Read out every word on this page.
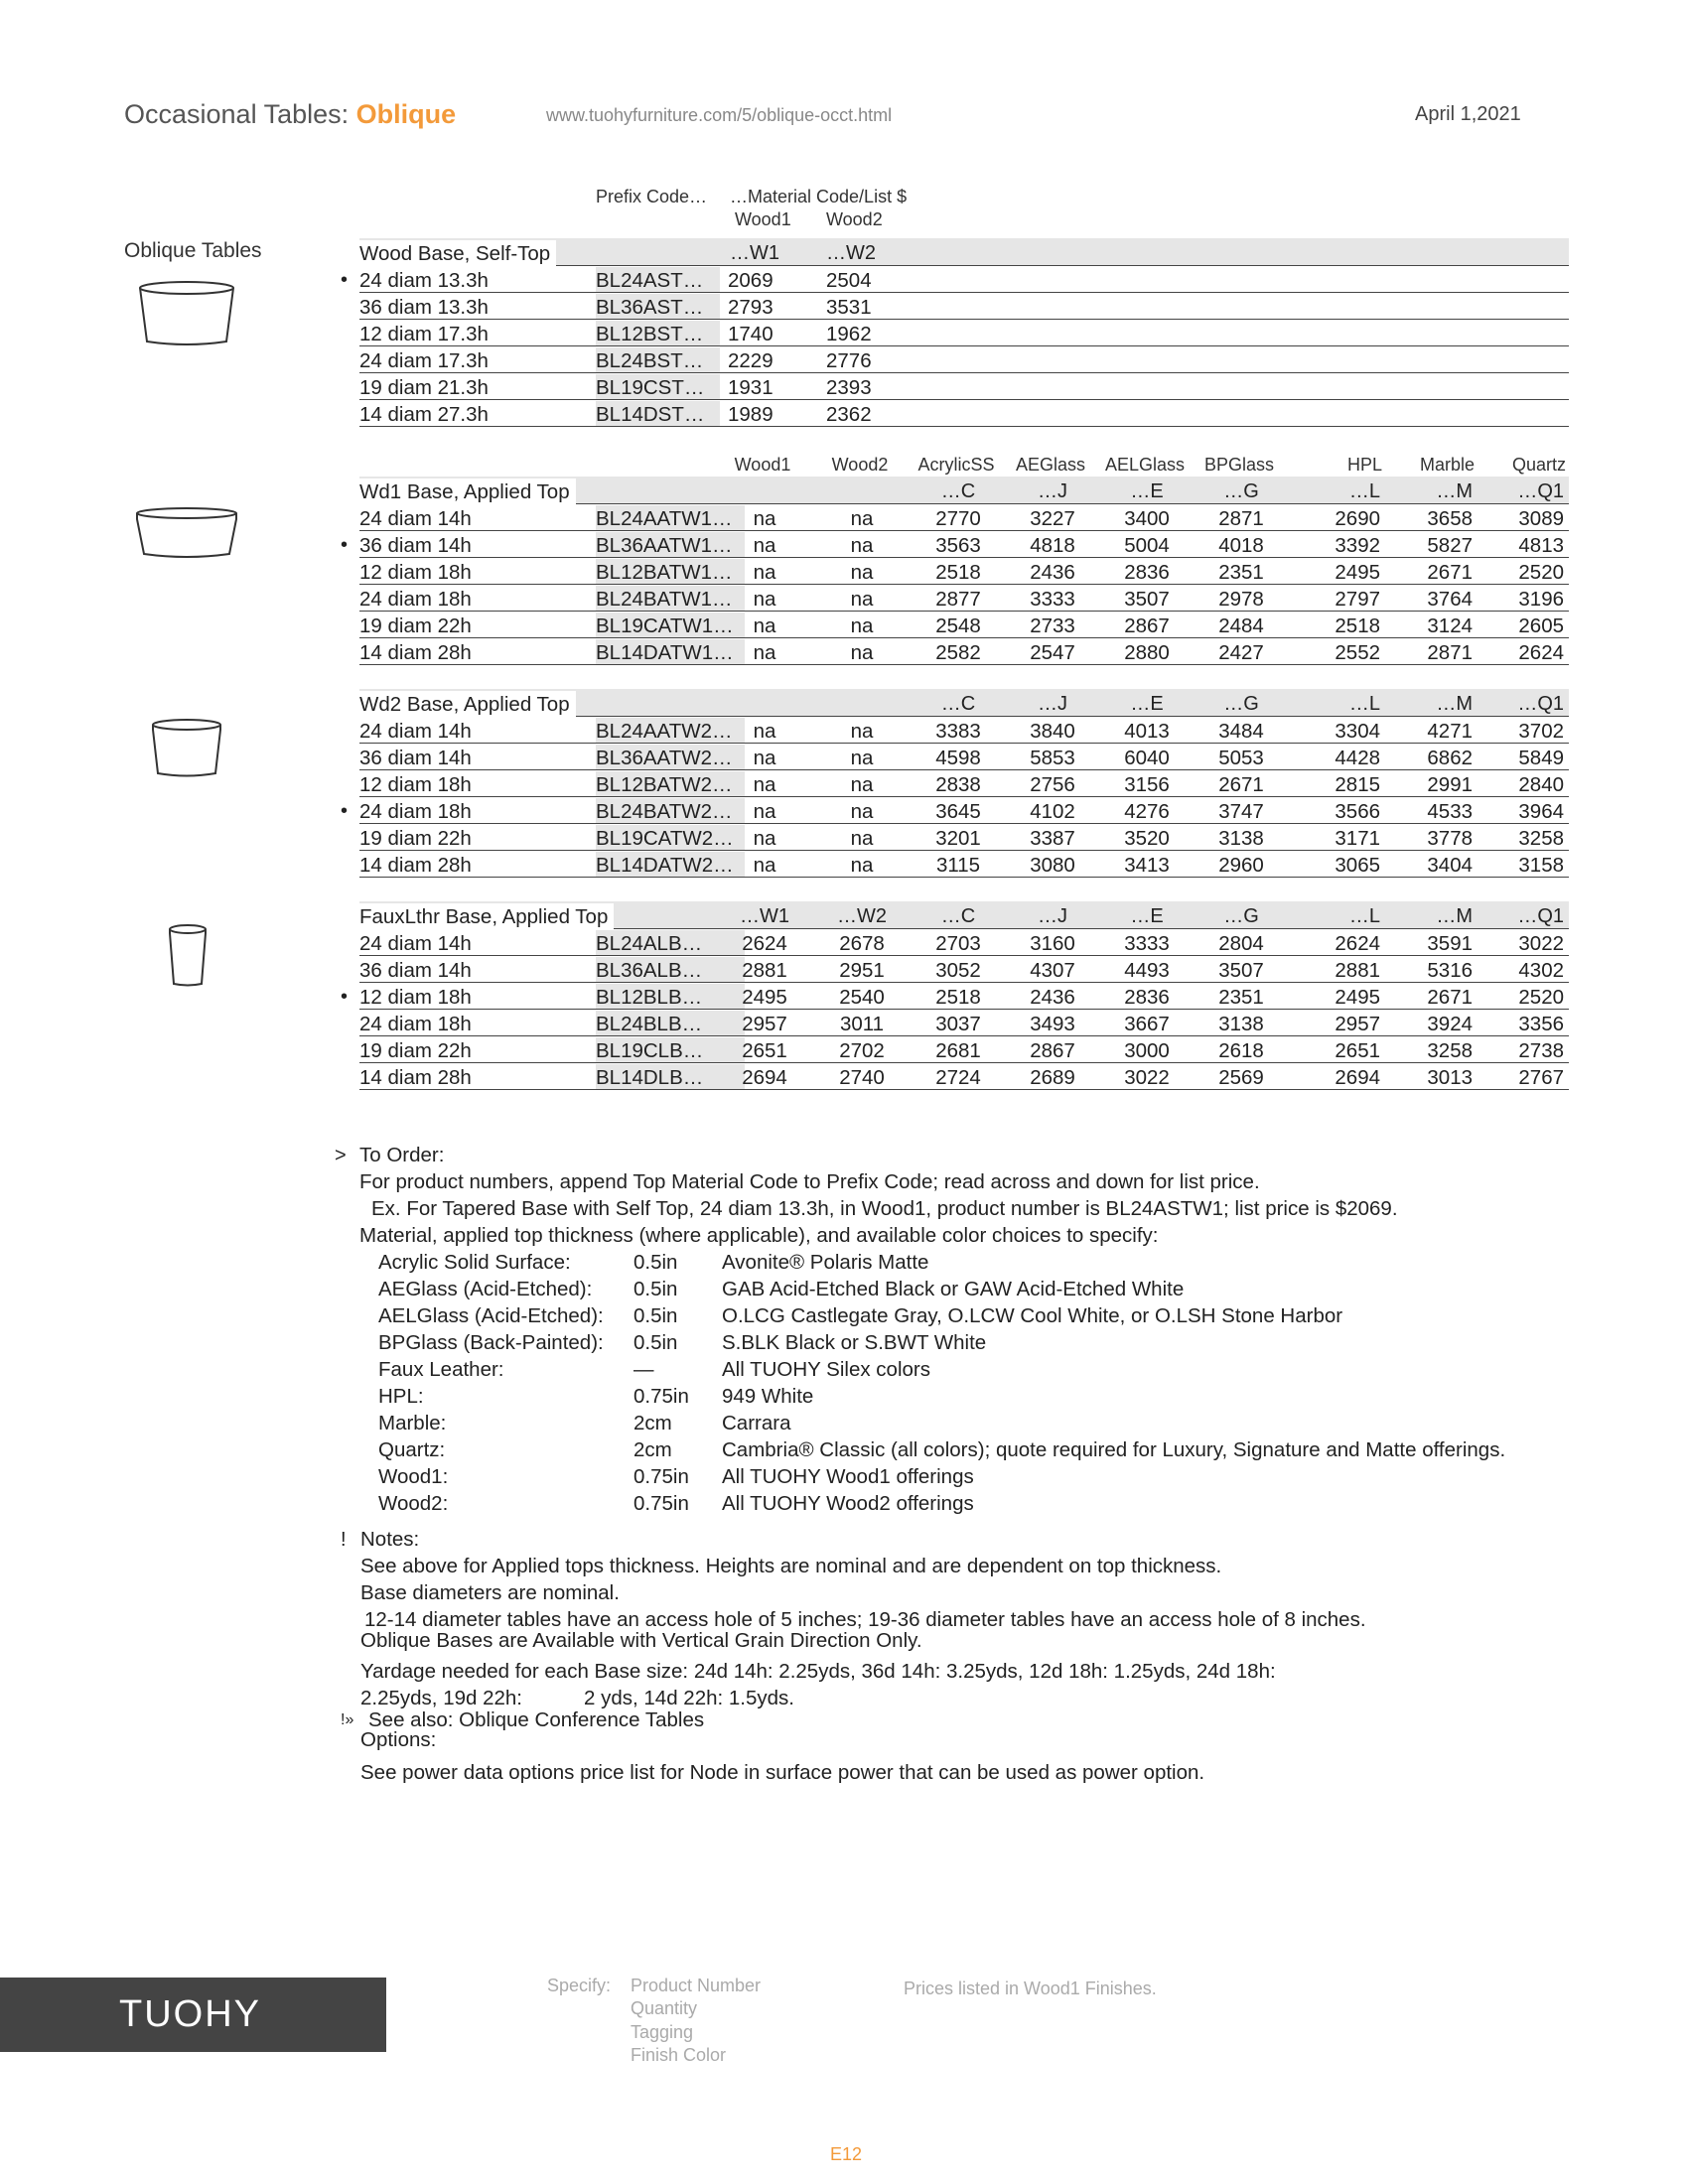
Occasional Tables: Oblique	www.tuohyfurniture.com/5/oblique-occt.html	April 1,2021
Oblique Tables
Prefix Code… …Material Code/List $
Wood1 Wood2
Wood1	Wood2	AcrylicSS	AEGlass	AELGlass	BPGlass	HPL	Marble	Quartz
Wood Base, Self-Top	…W1	…W2
• 24 diam 13.3h	BL24AST…	2069	2504
36 diam 13.3h	BL36AST…	2793	3531
12 diam 17.3h	BL12BST…	1740	1962
24 diam 17.3h	BL24BST…	2229	2776
19 diam 21.3h	BL19CST…	1931	2393
14 diam 27.3h	BL14DST…	1989	2362
Wd1 Base, Applied Top	…C	…J	…E	…G	…L	…M	…Q1
24 diam 14h	BL24AATW1…	na	na	2770	3227	3400	2871	2690	3658	3089
• 36 diam 14h	BL36AATW1…	na	na	3563	4818	5004	4018	3392	5827	4813
12 diam 18h	BL12BATW1…	na	na	2518	2436	2836	2351	2495	2671	2520
24 diam 18h	BL24BATW1…	na	na	2877	3333	3507	2978	2797	3764	3196
19 diam 22h	BL19CATW1… na	na	2548	2733	2867	2484	2518	3124	2605
14 diam 28h	BL14DATW1… na	na	2582	2547	2880	2427	2552	2871	2624
Wd2 Base, Applied Top	…C	…J	…E	…G	…L	…M	…Q1
24 diam 14h	BL24AATW2…	na	na	3383	3840	4013	3484	3304	4271	3702
36 diam 14h	BL36AATW2…	na	na	4598	5853	6040	5053	4428	6862	5849
12 diam 18h	BL12BATW2…	na	na	2838	2756	3156	2671	2815	2991	2840
• 24 diam 18h	BL24BATW2…	na	na	3645	4102	4276	3747	3566	4533	3964
19 diam 22h	BL19CATW2… na	na	3201	3387	3520	3138	3171	3778	3258
14 diam 28h	BL14DATW2… na	na	3115	3080	3413	2960	3065	3404	3158
FauxLthr Base, Applied Top	…W1	…W2	…C	…J	…E	…G	…L	…M	…Q1
24 diam 14h	BL24ALB…	2624	2678	2703	3160	3333	2804	2624	3591	3022
36 diam 14h	BL36ALB…	2881	2951	3052	4307	4493	3507	2881	5316	4302
• 12 diam 18h	BL12BLB…	2495	2540	2518	2436	2836	2351	2495	2671	2520
24 diam 18h	BL24BLB…	2957	3011	3037	3493	3667	3138	2957	3924	3356
19 diam 22h	BL19CLB…	2651	2702	2681	2867	3000	2618	2651	3258	2738
14 diam 28h	BL14DLB…	2694	2740	2724	2689	3022	2569	2694	3013	2767
> To Order:
For product numbers, append Top Material Code to Prefix Code; read across and down for list price.
Ex. For Tapered Base with Self Top, 24 diam 13.3h, in Wood1, product number is BL24ASTW1; list price is $2069.
Material, applied top thickness (where applicable), and available color choices to specify:
Acrylic Solid Surface:	0.5in Avonite® Polaris Matte
AEGlass (Acid-Etched): 0.5in GAB Acid-Etched Black or GAW Acid-Etched White
AELGlass (Acid-Etched): 0.5in O.LCG Castlegate Gray, O.LCW Cool White, or O.LSH Stone Harbor
BPGlass (Back-Painted): 0.5in S.BLK Black or S.BWT White
Faux Leather:	—	All TUOHY Silex colors
HPL:	0.75in 949 White
Marble:	2cm Carrara
Quartz:	2cm Cambria® Classic (all colors); quote required for Luxury, Signature and Matte offerings.
Wood1:	0.75in All TUOHY Wood1 offerings
Wood2:	0.75in All TUOHY Wood2 offerings
! Notes:
See above for Applied tops thickness. Heights are nominal and are dependent on top thickness.
Base diameters are nominal.
12-14 diameter tables have an access hole of 5 inches; 19-36 diameter tables have an access hole of 8 inches.
Oblique Bases are Available with Vertical Grain Direction Only.
Yardage needed for each Base size: 24d 14h: 2.25yds, 36d 14h: 3.25yds, 12d 18h: 1.25yds, 24d 18h:
2.25yds, 19d 22h:	2 yds, 14d 22h: 1.5yds.
!» See also: Oblique Conference Tables
Options:
See power data options price list for Node in surface power that can be used as power option.
TUOHY
Specify: Product Number
Quantity
Tagging
Finish Color
Prices listed in Wood1 Finishes.
E12
